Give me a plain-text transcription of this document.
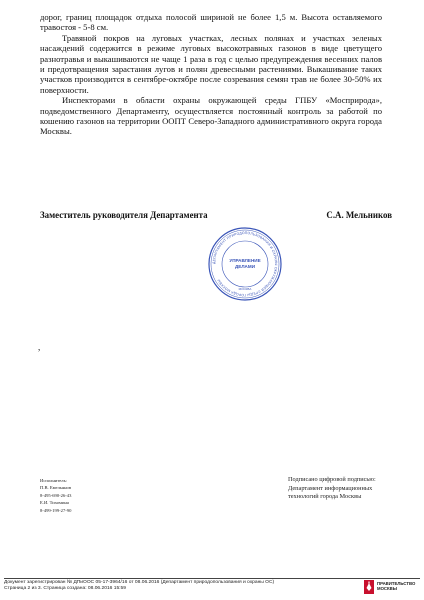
дорог, границ площадок отдыха полосой шириной не более 1,5 м. Высота оставляемого травостоя - 5-8 см.

Травяной покров на луговых участках, лесных полянах и участках зеленых насаждений содержится в режиме луговых высокотравных газонов в виде цветущего разнотравья и выкашиваются не чаще 1 раза в год с целью предупреждения весенних палов и предотвращения зарастания лугов и полян древесными растениями. Выкашивание таких участков производится в сентябре-октябре после созревания семян трав не более 30-50% их поверхности.

Инспекторами в области охраны окружающей среды ГПБУ «Мосприрода», подведомственного Департаменту, осуществляется постоянный контроль за работой по кошению газонов на территории ООПТ Северо-Западного административного округа города Москвы.

Заместитель руководителя Департамента	С.А. Мельников
ДЕПАРТАМЕНТ ПРИРОДОПОЛЬЗОВАНИЯ И ОХРАНЫ ОКРУЖАЮЩЕЙ СРЕДЫ ГОРОДА МОСКВЫ
УПРАВЛЕНИЕ
ДЕЛАМИ
МОСКВА
,
Исполнитель:
П.В. Емельянов
8-495-690-26-43
Е.И. Тихомина
8-499-199-27-90
Подписано цифровой подписью:
Департамент информационных
технологий города Москвы
Документ зарегистрирован № ДПиООС 05-17-3964/16 от 08.06.2016 (Департамент природопользования и охраны ОС)
Страница 2 из 3. Страница создана: 08.06.2016 15:59
ПРАВИТЕЛЬСТВО
МОСКВЫ
